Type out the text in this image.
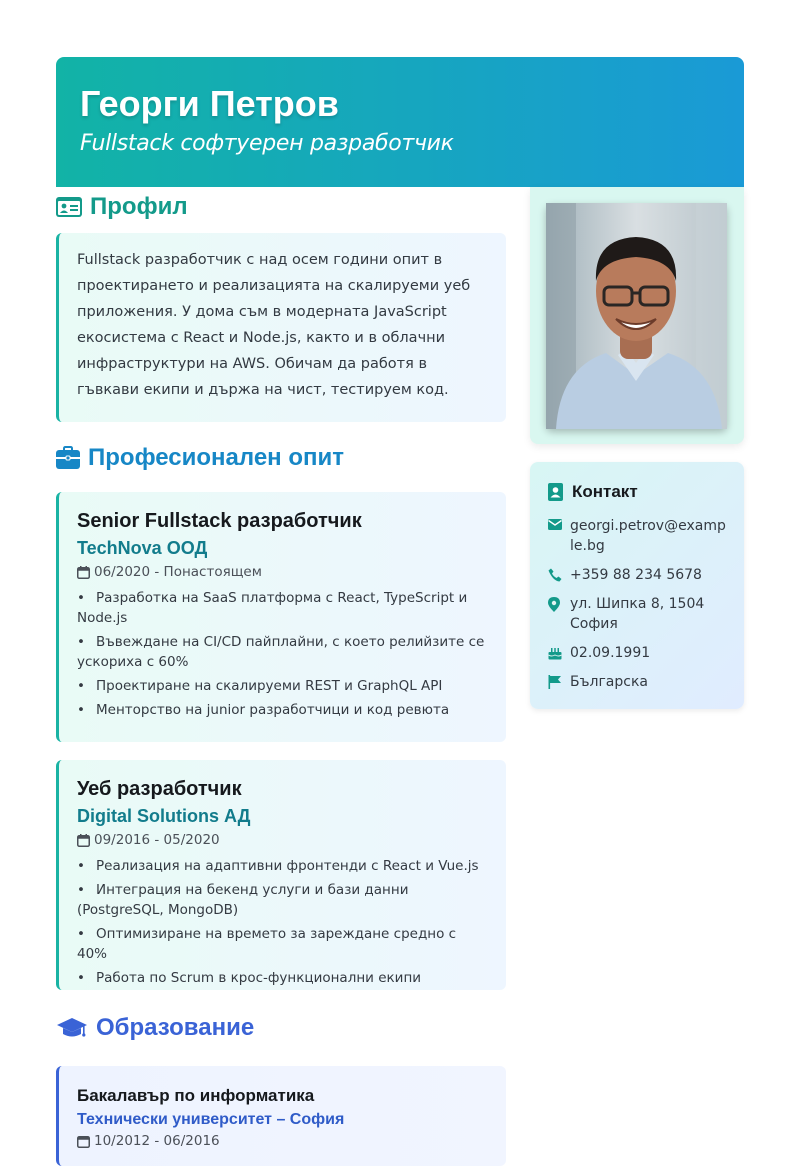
Георги Петров
Fullstack софтуерен разработчик
Профил

Fullstack разработчик с над осем години опит в проектирането и реализацията на скалируеми уеб приложения. У дома съм в модерната JavaScript екосистема с React и Node.js, както и в облачни инфраструктури на AWS. Обичам да работя в гъвкави екипи и държа на чист, тестируем код.

Професионален опит
Senior Fullstack разработчик
TechNova ООД
06/2020 - Понастоящем
• Разработка на SaaS платформа с React, TypeScript и Node.js
• Въвеждане на CI/CD пайплайни, с което релийзите се ускориха с 60%
• Проектиране на скалируеми REST и GraphQL API
• Менторство на junior разработчици и код ревюта
Уеб разработчик
Digital Solutions АД
09/2016 - 05/2020
• Реализация на адаптивни фронтенди с React и Vue.js
• Интеграция на бекенд услуги и бази данни (PostgreSQL, MongoDB)
• Оптимизиране на времето за зареждане средно с 40%
• Работа по Scrum в крос-функционални екипи
Образование
Бакалавър по информатика
Технически университет – София
10/2012 - 06/2016
Контакт
georgi.petrov@example.bg
+359 88 234 5678
ул. Шипка 8, 1504 София
02.09.1991
Българска
